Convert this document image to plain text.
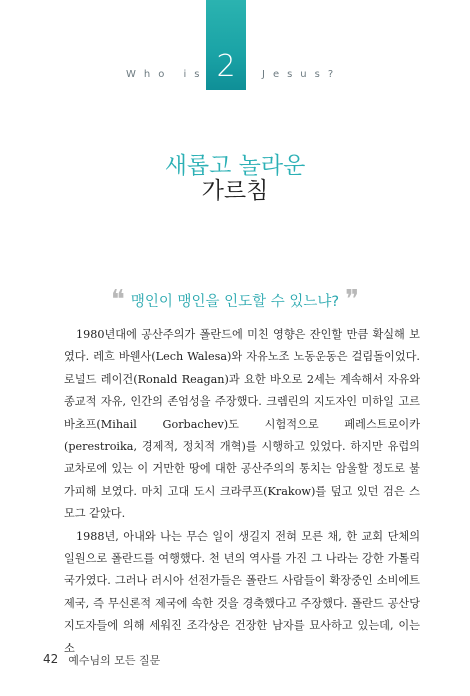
2
Who is	Jesus?
새롭고 놀라운
가르침
❝ 맹인이 맹인을 인도할 수 있느냐? ❞

1980년대에 공산주의가 폴란드에 미친 영향은 잔인할 만큼 확실해 보였다. 레흐 바웬사(Lech Walesa)와 자유노조 노동운동은 걸림돌이었다. 로널드 레이건(Ronald Reagan)과 요한 바오로 2세는 계속해서 자유와 종교적 자유, 인간의 존엄성을 주장했다. 크렘린의 지도자인 미하일 고르바초프(Mihail Gorbachev)도 시험적으로 페레스트로이카(perestroika, 경제적, 정치적 개혁)를 시행하고 있었다. 하지만 유럽의 교차로에 있는 이 거만한 땅에 대한 공산주의의 통치는 암울할 정도로 불가피해 보였다. 마치 고대 도시 크라쿠프(Krakow)를 덮고 있던 검은 스모그 같았다.

1988년, 아내와 나는 무슨 일이 생길지 전혀 모른 채, 한 교회 단체의 일원으로 폴란드를 여행했다. 천 년의 역사를 가진 그 나라는 강한 가톨릭 국가였다. 그러나 러시아 선전가들은 폴란드 사람들이 확장중인 소비에트 제국, 즉 무신론적 제국에 속한 것을 경축했다고 주장했다. 폴란드 공산당 지도자들에 의해 세워진 조각상은 건장한 남자를 묘사하고 있는데, 이는 소

42 예수님의 모든 질문
